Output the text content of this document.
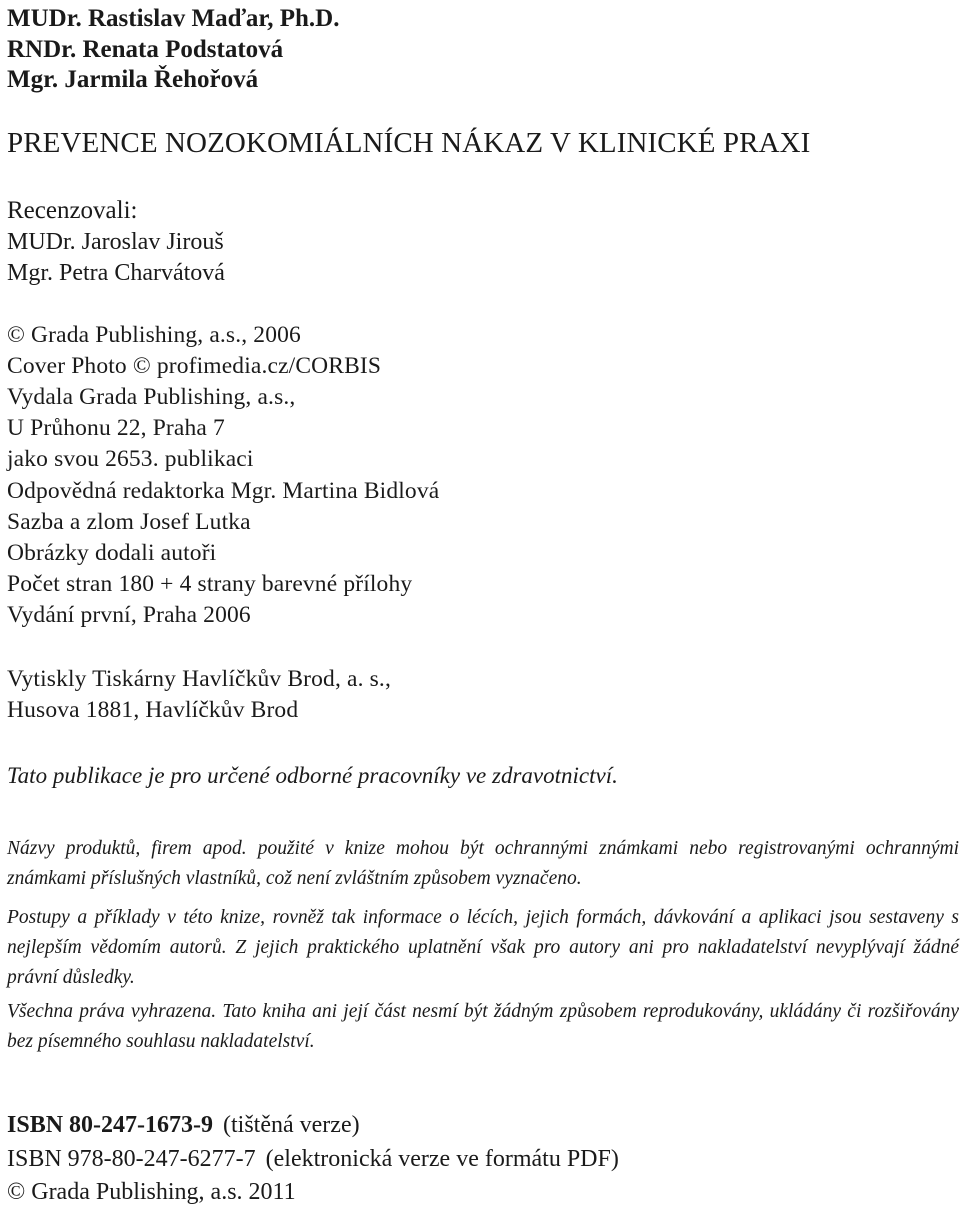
MUDr. Rastislav Maďar, Ph.D.
RNDr. Renata Podstatová
Mgr. Jarmila Řehořová
PREVENCE NOZOKOMIÁLNÍCH NÁKAZ V KLINICKÉ PRAXI
Recenzovali:
MUDr. Jaroslav Jirouš
Mgr. Petra Charvátová
© Grada Publishing, a.s., 2006
Cover Photo © profimedia.cz/CORBIS
Vydala Grada Publishing, a.s.,
U Průhonu 22, Praha 7
jako svou 2653. publikaci
Odpovědná redaktorka Mgr. Martina Bidlová
Sazba a zlom Josef Lutka
Obrázky dodali autoři
Počet stran 180 + 4 strany barevné přílohy
Vydání první, Praha 2006
Vytiskly Tiskárny Havlíčkův Brod, a. s.,
Husova 1881, Havlíčkův Brod
Tato publikace je pro určené odborné pracovníky ve zdravotnictví.

Názvy produktů, firem apod. použité v knize mohou být ochrannými známkami nebo registrovanými ochrannými známkami příslušných vlastníků, což není zvláštním způsobem vyznačeno.

Postupy a příklady v této knize, rovněž tak informace o lécích, jejich formách, dávkování a aplikaci jsou sestaveny s nejlepším vědomím autorů. Z jejich praktického uplatnění však pro autory ani pro nakladatelství nevyplývají žádné právní důsledky.

Všechna práva vyhrazena. Tato kniha ani její část nesmí být žádným způsobem reprodukovány, ukládány či rozšiřovány bez písemného souhlasu nakladatelství.

ISBN 80-247-1673-9 (tištěná verze)
ISBN 978-80-247-6277-7 (elektronická verze ve formátu PDF)
© Grada Publishing, a.s. 2011
